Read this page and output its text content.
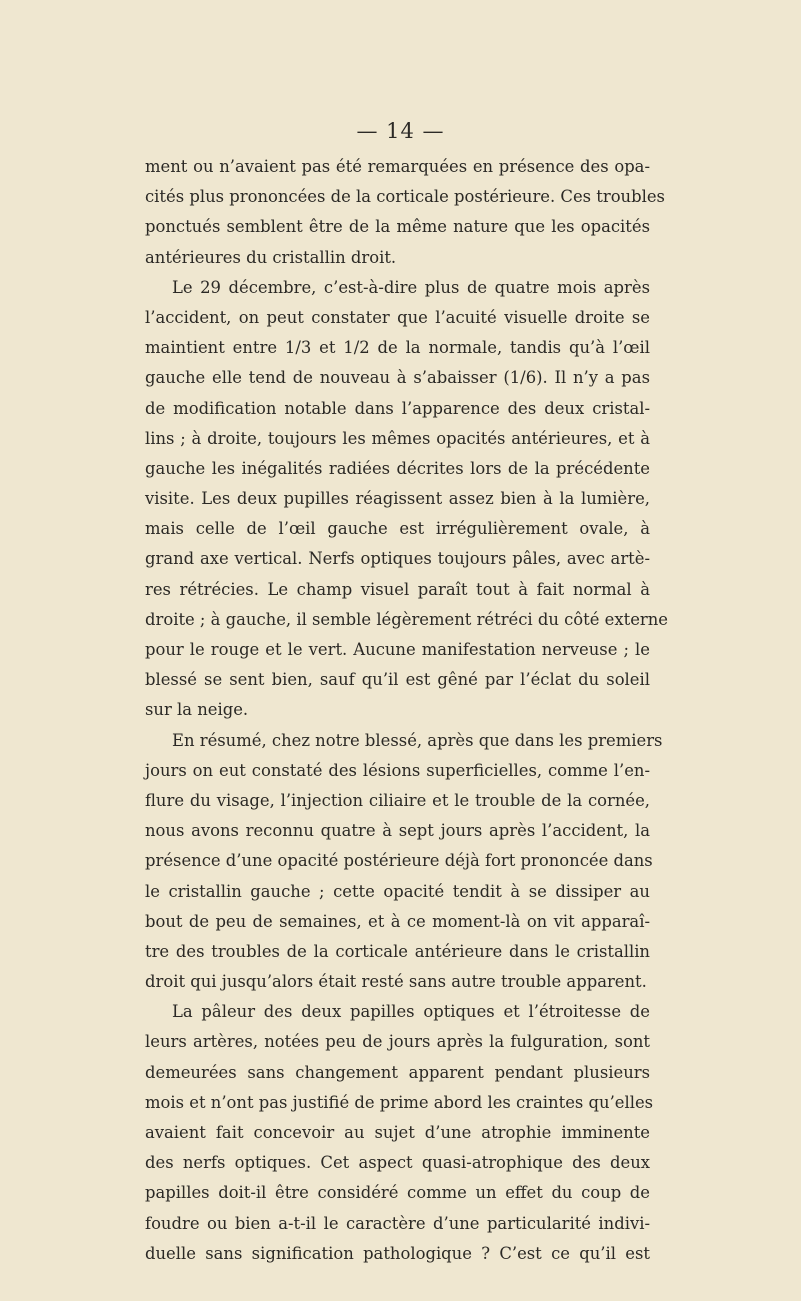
— 14 —
ment ou n’avaient pas été remarquées en présence des opa-
cités plus prononcées de la corticale postérieure. Ces troubles
ponctués semblent être de la même nature que les opacités
antérieures du cristallin droit.
Le 29 décembre, c’est-à-dire plus de quatre mois après
l’accident, on peut constater que l’acuité visuelle droite se
maintient entre 1/3 et 1/2 de la normale, tandis qu’à l’œil
gauche elle tend de nouveau à s’abaisser (1/6). Il n’y a pas
de modification notable dans l’apparence des deux cristal-
lins ; à droite, toujours les mêmes opacités antérieures, et à
gauche les inégalités radiées décrites lors de la précédente
visite. Les deux pupilles réagissent assez bien à la lumière,
mais celle de l’œil gauche est irrégulièrement ovale, à
grand axe vertical. Nerfs optiques toujours pâles, avec artè-
res rétrécies. Le champ visuel paraît tout à fait normal à
droite ; à gauche, il semble légèrement rétréci du côté externe
pour le rouge et le vert. Aucune manifestation nerveuse ; le
blessé se sent bien, sauf qu’il est gêné par l’éclat du soleil
sur la neige.
En résumé, chez notre blessé, après que dans les premiers
jours on eut constaté des lésions superficielles, comme l’en-
flure du visage, l’injection ciliaire et le trouble de la cornée,
nous avons reconnu quatre à sept jours après l’accident, la
présence d’une opacité postérieure déjà fort prononcée dans
le cristallin gauche ; cette opacité tendit à se dissiper au
bout de peu de semaines, et à ce moment-là on vit apparaî-
tre des troubles de la corticale antérieure dans le cristallin
droit qui jusqu’alors était resté sans autre trouble apparent.
La pâleur des deux papilles optiques et l’étroitesse de
leurs artères, notées peu de jours après la fulguration, sont
demeurées sans changement apparent pendant plusieurs
mois et n’ont pas justifié de prime abord les craintes qu’elles
avaient fait concevoir au sujet d’une atrophie imminente
des nerfs optiques. Cet aspect quasi-atrophique des deux
papilles doit-il être considéré comme un effet du coup de
foudre ou bien a-t-il le caractère d’une particularité indivi-
duelle sans signification pathologique ? C’est ce qu’il est
